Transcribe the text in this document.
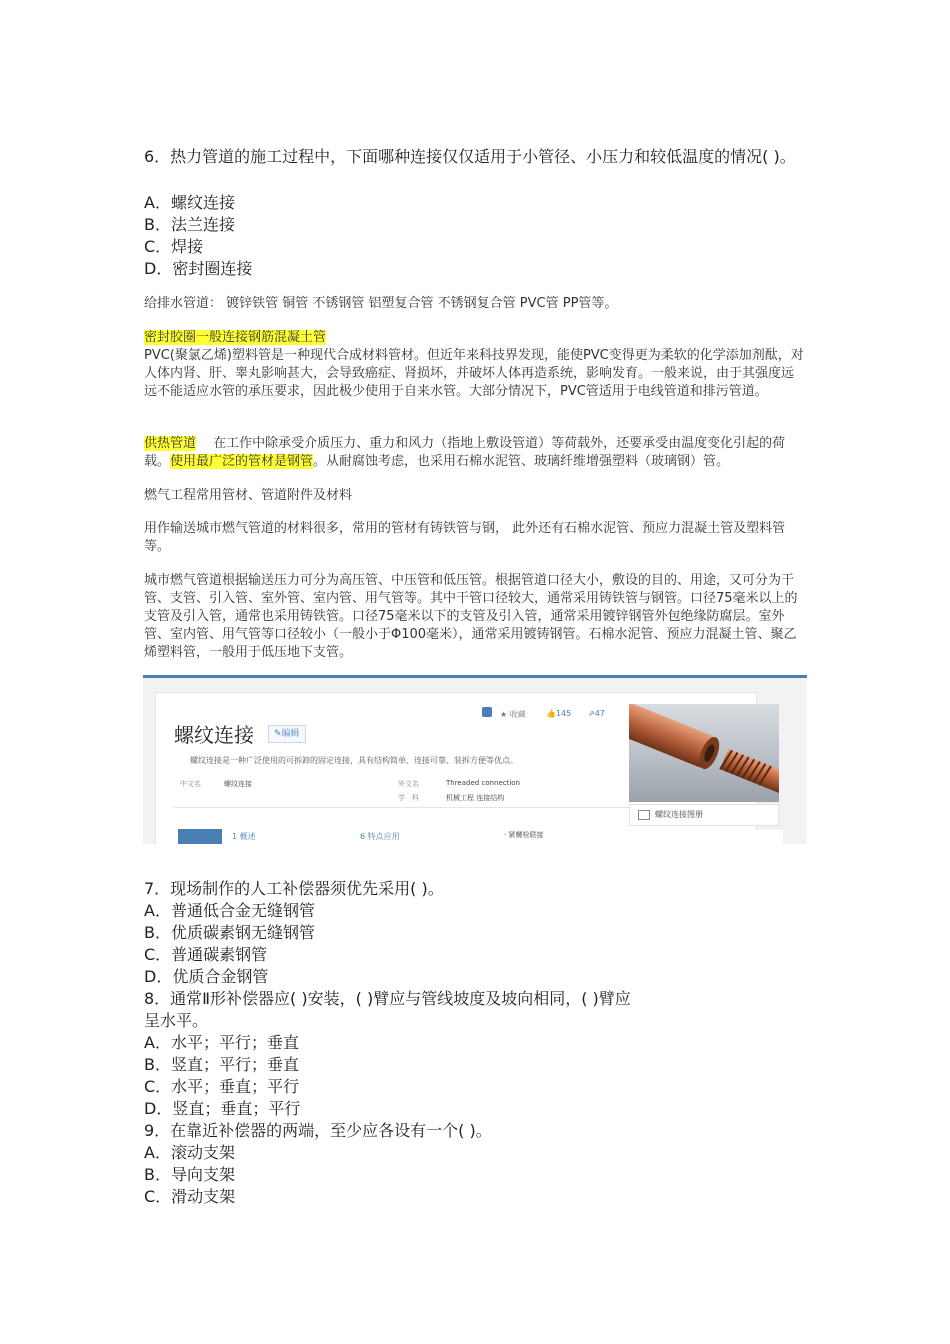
6．热力管道的施工过程中，下面哪种连接仅仅适用于小管径、小压力和较低温度的情况( )。
A．螺纹连接
B．法兰连接
C．焊接
D．密封圈连接
给排水管道： 镀锌铁管 铜管 不锈钢管 铝塑复合管 不锈钢复合管 PVC管 PP管等。
密封胶圈一般连接钢筋混凝土管
PVC(聚氯乙烯)塑料管是一种现代合成材料管材。但近年来科技界发现，能使PVC变得更为柔软的化学添加剂酞，对人体内肾、肝、睾丸影响甚大，会导致癌症、肾损坏，并破坏人体再造系统，影响发育。一般来说，由于其强度远远不能适应水管的承压要求，因此极少使用于自来水管。大部分情况下，PVC管适用于电线管道和排污管道。
供热管道　 在工作中除承受介质压力、重力和风力（指地上敷设管道）等荷载外，还要承受由温度变化引起的荷载。使用最广泛的管材是钢管。从耐腐蚀考虑，也采用石棉水泥管、玻璃纤维增强塑料（玻璃钢）管。
燃气工程常用管材、管道附件及材料
用作输送城市燃气管道的材料很多，常用的管材有铸铁管与钢， 此外还有石棉水泥管、预应力混凝土管及塑料管等。
城市燃气管道根据输送压力可分为高压管、中压管和低压管。根据管道口径大小，敷设的目的、用途，又可分为干管、支管、引入管、室外管、室内管、用气管等。其中干管口径较大，通常采用铸铁管与钢管。口径75毫米以上的支管及引入管，通常也采用铸铁管。口径75毫米以下的支管及引入管，通常采用镀锌钢管外包绝缘防腐层。室外管、室内管、用气管等口径较小（一般小于Φ100毫米），通常采用镀铸钢管。石棉水泥管、预应力混凝土管、聚乙烯塑料管，一般用于低压地下支管。
螺纹连接	✎编辑
★ 收藏	👍145 ⇗47
螺纹连接是一种广泛使用的可拆卸的固定连接，具有结构简单、连接可靠、装拆方便等优点。
中文名	螺纹连接	外文名	Threaded connection
学　科	机械工程 连接结构
1 概述	6 特点应用	· 紧螺栓联接
螺纹连接图册
7．现场制作的人工补偿器须优先采用( )。
A．普通低合金无缝钢管
B．优质碳素钢无缝钢管
C．普通碳素钢管
D．优质合金钢管
8．通常Ⅱ形补偿器应( )安装，( )臂应与管线坡度及坡向相同，( )臂应
呈水平。
A．水平；平行；垂直
B．竖直；平行；垂直
C．水平；垂直；平行
D．竖直；垂直；平行
9．在靠近补偿器的两端，至少应各设有一个( )。
A．滚动支架
B．导向支架
C．滑动支架
